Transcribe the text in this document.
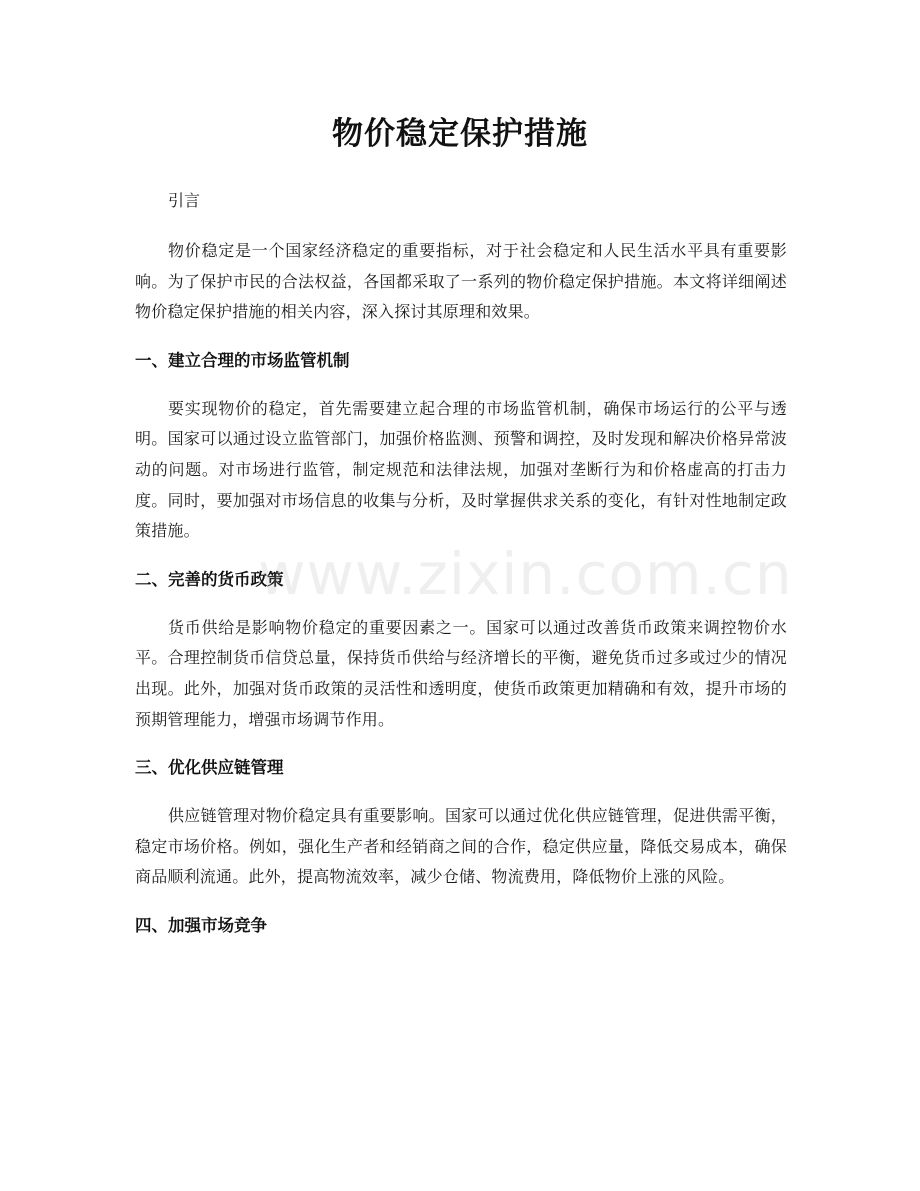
物价稳定保护措施

引言

物价稳定是一个国家经济稳定的重要指标，对于社会稳定和人民生活水平具有重要影响。为了保护市民的合法权益，各国都采取了一系列的物价稳定保护措施。本文将详细阐述物价稳定保护措施的相关内容，深入探讨其原理和效果。

一、建立合理的市场监管机制

要实现物价的稳定，首先需要建立起合理的市场监管机制，确保市场运行的公平与透明。国家可以通过设立监管部门，加强价格监测、预警和调控，及时发现和解决价格异常波动的问题。对市场进行监管，制定规范和法律法规，加强对垄断行为和价格虚高的打击力度。同时，要加强对市场信息的收集与分析，及时掌握供求关系的变化，有针对性地制定政策措施。

二、完善的货币政策

货币供给是影响物价稳定的重要因素之一。国家可以通过改善货币政策来调控物价水平。合理控制货币信贷总量，保持货币供给与经济增长的平衡，避免货币过多或过少的情况出现。此外，加强对货币政策的灵活性和透明度，使货币政策更加精确和有效，提升市场的预期管理能力，增强市场调节作用。

三、优化供应链管理

供应链管理对物价稳定具有重要影响。国家可以通过优化供应链管理，促进供需平衡，稳定市场价格。例如，强化生产者和经销商之间的合作，稳定供应量，降低交易成本，确保商品顺利流通。此外，提高物流效率，减少仓储、物流费用，降低物价上涨的风险。

四、加强市场竞争
www.zixin.com.cn
